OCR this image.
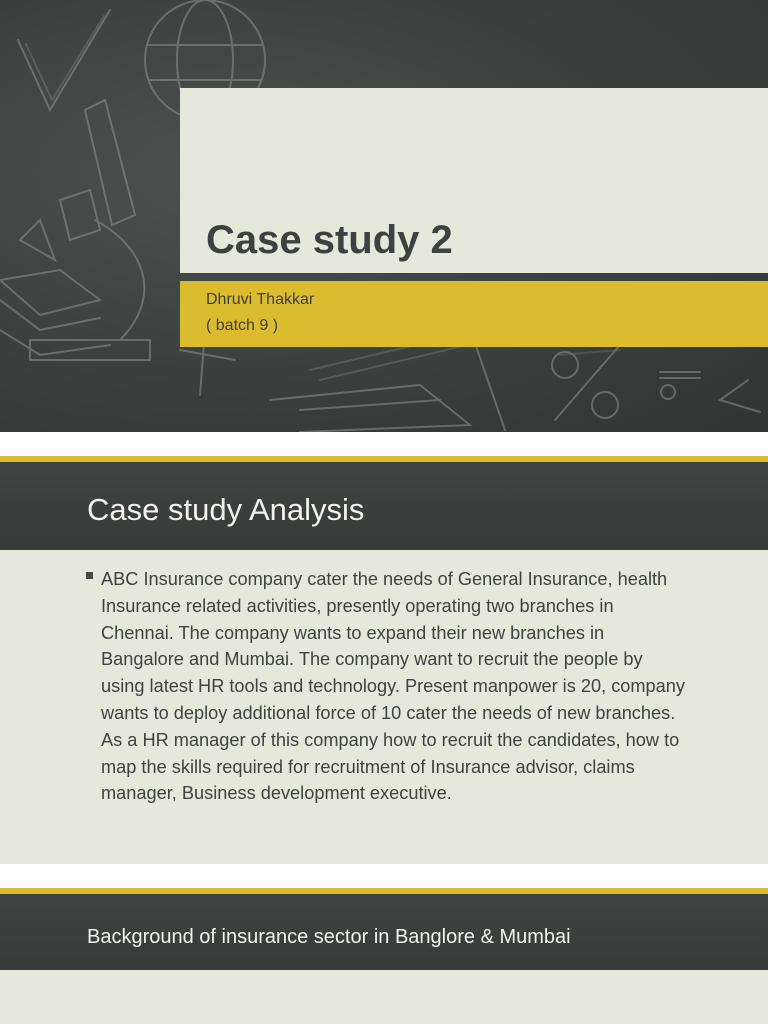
Case study 2
Dhruvi Thakkar
( batch 9 )
Case study Analysis
ABC Insurance company cater the needs of General Insurance, health Insurance related activities, presently operating two branches in Chennai. The company wants to expand their new branches in Bangalore and Mumbai. The company want to recruit the people by using latest HR tools and technology. Present manpower is 20, company wants to deploy additional force of 10 cater the needs of new branches. As a HR manager of this company how to recruit the candidates, how to map the skills required for recruitment of Insurance advisor, claims manager, Business development executive.
Background of insurance sector in Banglore & Mumbai
